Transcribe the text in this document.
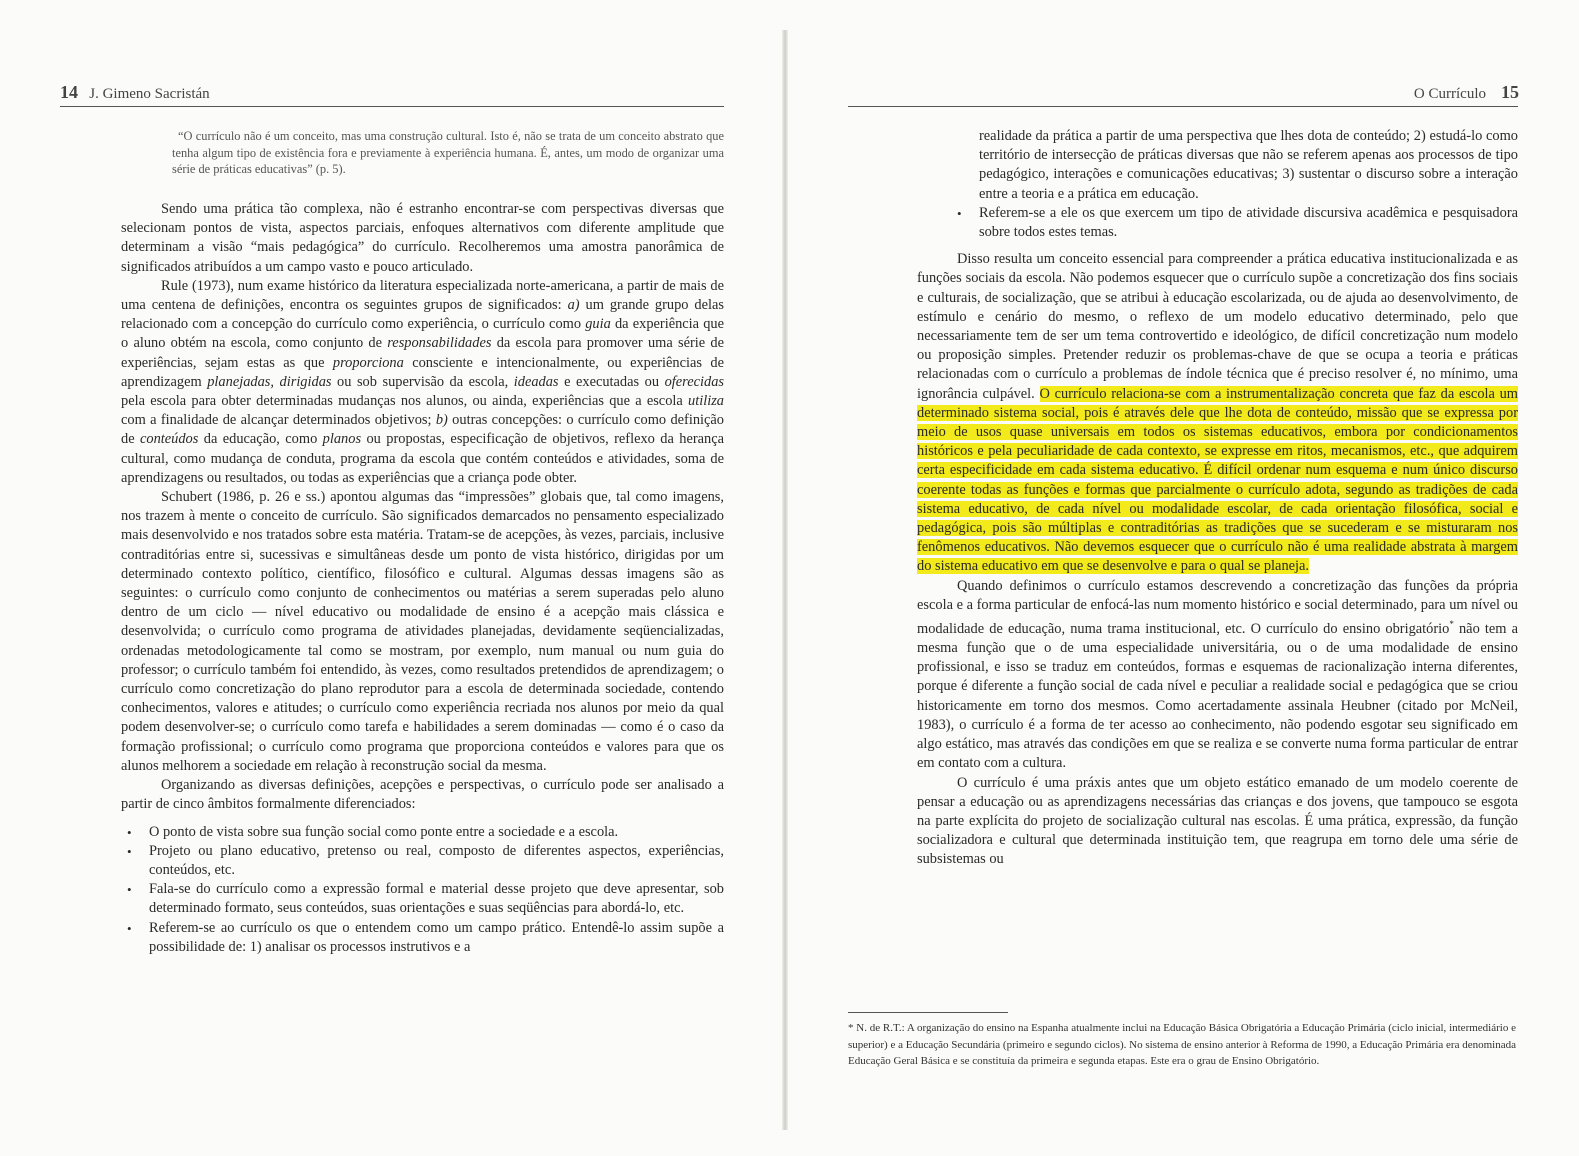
14 J. Gimeno Sacristán
“O currículo não é um conceito, mas uma construção cultural. Isto é, não se trata de um conceito abstrato que tenha algum tipo de existência fora e previamente à experiência humana. É, antes, um modo de organizar uma série de práticas educativas” (p. 5).

Sendo uma prática tão complexa, não é estranho encontrar-se com perspectivas diversas que selecionam pontos de vista, aspectos parciais, enfoques alternativos com diferente amplitude que determinam a visão “mais pedagógica” do currículo. Recolheremos uma amostra panorâmica de significados atribuídos a um campo vasto e pouco articulado.

Rule (1973), num exame histórico da literatura especializada norte-americana, a partir de mais de uma centena de definições, encontra os seguintes grupos de significados: a) um grande grupo delas relacionado com a concepção do currículo como experiência, o currículo como guia da experiência que o aluno obtém na escola, como conjunto de responsabilidades da escola para promover uma série de experiências, sejam estas as que proporciona consciente e intencionalmente, ou experiências de aprendizagem planejadas, dirigidas ou sob supervisão da escola, ideadas e executadas ou oferecidas pela escola para obter determinadas mudanças nos alunos, ou ainda, experiências que a escola utiliza com a finalidade de alcançar determinados objetivos; b) outras concepções: o currículo como definição de conteúdos da educação, como planos ou propostas, especificação de objetivos, reflexo da herança cultural, como mudança de conduta, programa da escola que contém conteúdos e atividades, soma de aprendizagens ou resultados, ou todas as experiências que a criança pode obter.

Schubert (1986, p. 26 e ss.) apontou algumas das “impressões” globais que, tal como imagens, nos trazem à mente o conceito de currículo. São significados demarcados no pensamento especializado mais desenvolvido e nos tratados sobre esta matéria. Tratam-se de acepções, às vezes, parciais, inclusive contraditórias entre si, sucessivas e simultâneas desde um ponto de vista histórico, dirigidas por um determinado contexto político, científico, filosófico e cultural. Algumas dessas imagens são as seguintes: o currículo como conjunto de conhecimentos ou matérias a serem superadas pelo aluno dentro de um ciclo — nível educativo ou modalidade de ensino é a acepção mais clássica e desenvolvida; o currículo como programa de atividades planejadas, devidamente seqüencializadas, ordenadas metodologicamente tal como se mostram, por exemplo, num manual ou num guia do professor; o currículo também foi entendido, às vezes, como resultados pretendidos de aprendizagem; o currículo como concretização do plano reprodutor para a escola de determinada sociedade, contendo conhecimentos, valores e atitudes; o currículo como experiência recriada nos alunos por meio da qual podem desenvolver-se; o currículo como tarefa e habilidades a serem dominadas — como é o caso da formação profissional; o currículo como programa que proporciona conteúdos e valores para que os alunos melhorem a sociedade em relação à reconstrução social da mesma.

Organizando as diversas definições, acepções e perspectivas, o currículo pode ser analisado a partir de cinco âmbitos formalmente diferenciados:

• O ponto de vista sobre sua função social como ponte entre a sociedade e a escola.
• Projeto ou plano educativo, pretenso ou real, composto de diferentes aspectos, experiências, conteúdos, etc.
• Fala-se do currículo como a expressão formal e material desse projeto que deve apresentar, sob determinado formato, seus conteúdos, suas orientações e suas seqüências para abordá-lo, etc.
• Referem-se ao currículo os que o entendem como um campo prático. Entendê-lo assim supõe a possibilidade de: 1) analisar os processos instrutivos e a
O Currículo 15
realidade da prática a partir de uma perspectiva que lhes dota de conteúdo; 2) estudá-lo como território de intersecção de práticas diversas que não se referem apenas aos processos de tipo pedagógico, interações e comunicações educativas; 3) sustentar o discurso sobre a interação entre a teoria e a prática em educação.
• Referem-se a ele os que exercem um tipo de atividade discursiva acadêmica e pesquisadora sobre todos estes temas.

Disso resulta um conceito essencial para compreender a prática educativa institucionalizada e as funções sociais da escola. Não podemos esquecer que o currículo supõe a concretização dos fins sociais e culturais, de socialização, que se atribui à educação escolarizada, ou de ajuda ao desenvolvimento, de estímulo e cenário do mesmo, o reflexo de um modelo educativo determinado, pelo que necessariamente tem de ser um tema controvertido e ideológico, de difícil concretização num modelo ou proposição simples. Pretender reduzir os problemas-chave de que se ocupa a teoria e práticas relacionadas com o currículo a problemas de índole técnica que é preciso resolver é, no mínimo, uma ignorância culpável. O currículo relaciona-se com a instrumentalização concreta que faz da escola um determinado sistema social, pois é através dele que lhe dota de conteúdo, missão que se expressa por meio de usos quase universais em todos os sistemas educativos, embora por condicionamentos históricos e pela peculiaridade de cada contexto, se expresse em ritos, mecanismos, etc., que adquirem certa especificidade em cada sistema educativo. É difícil ordenar num esquema e num único discurso coerente todas as funções e formas que parcialmente o currículo adota, segundo as tradições de cada sistema educativo, de cada nível ou modalidade escolar, de cada orientação filosófica, social e pedagógica, pois são múltiplas e contraditórias as tradições que se sucederam e se misturaram nos fenômenos educativos. Não devemos esquecer que o currículo não é uma realidade abstrata à margem do sistema educativo em que se desenvolve e para o qual se planeja.

Quando definimos o currículo estamos descrevendo a concretização das funções da própria escola e a forma particular de enfocá-las num momento histórico e social determinado, para um nível ou modalidade de educação, numa trama institucional, etc. O currículo do ensino obrigatório* não tem a mesma função que o de uma especialidade universitária, ou o de uma modalidade de ensino profissional, e isso se traduz em conteúdos, formas e esquemas de racionalização interna diferentes, porque é diferente a função social de cada nível e peculiar a realidade social e pedagógica que se criou historicamente em torno dos mesmos. Como acertadamente assinala Heubner (citado por McNeil, 1983), o currículo é a forma de ter acesso ao conhecimento, não podendo esgotar seu significado em algo estático, mas através das condições em que se realiza e se converte numa forma particular de entrar em contato com a cultura.

O currículo é uma práxis antes que um objeto estático emanado de um modelo coerente de pensar a educação ou as aprendizagens necessárias das crianças e dos jovens, que tampouco se esgota na parte explícita do projeto de socialização cultural nas escolas. É uma prática, expressão, da função socializadora e cultural que determinada instituição tem, que reagrupa em torno dele uma série de subsistemas ou

* N. de R.T.: A organização do ensino na Espanha atualmente inclui na Educação Básica Obrigatória a Educação Primária (ciclo inicial, intermediário e superior) e a Educação Secundária (primeiro e segundo ciclos). No sistema de ensino anterior à Reforma de 1990, a Educação Primária era denominada Educação Geral Básica e se constituía da primeira e segunda etapas. Este era o grau de Ensino Obrigatório.
